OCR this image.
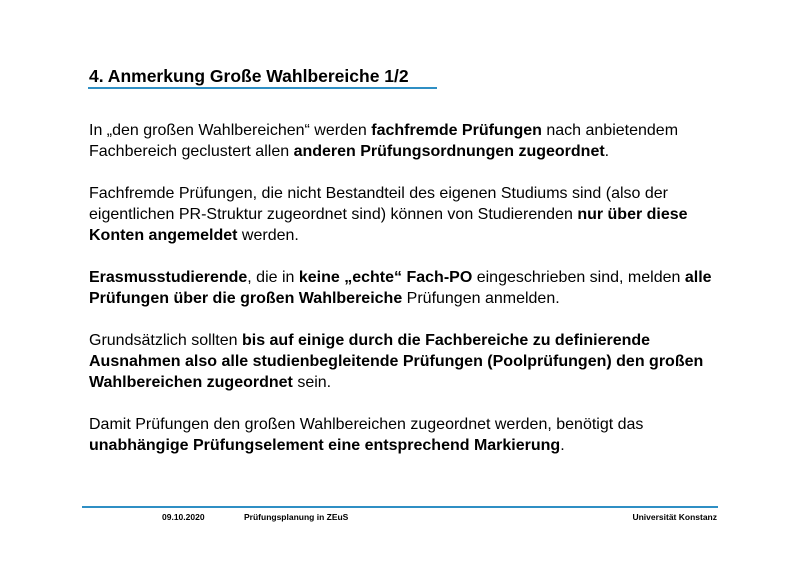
4. Anmerkung Große Wahlbereiche 1/2

In „den großen Wahlbereichen“ werden fachfremde Prüfungen nach anbietendem Fachbereich geclustert allen anderen Prüfungsordnungen zugeordnet.

Fachfremde Prüfungen, die nicht Bestandteil des eigenen Studiums sind (also der eigentlichen PR-Struktur zugeordnet sind) können von Studierenden nur über diese Konten angemeldet werden.

Erasmusstudierende, die in keine „echte“ Fach-PO eingeschrieben sind, melden alle Prüfungen über die großen Wahlbereiche Prüfungen anmelden.

Grundsätzlich sollten bis auf einige durch die Fachbereiche zu definierende Ausnahmen also alle studienbegleitende Prüfungen (Poolprüfungen) den großen Wahlbereichen zugeordnet sein.

Damit Prüfungen den großen Wahlbereichen zugeordnet werden, benötigt das unabhängige Prüfungselement eine entsprechend Markierung.

09.10.2020	Prüfungsplanung in ZEuS	Universität Konstanz
